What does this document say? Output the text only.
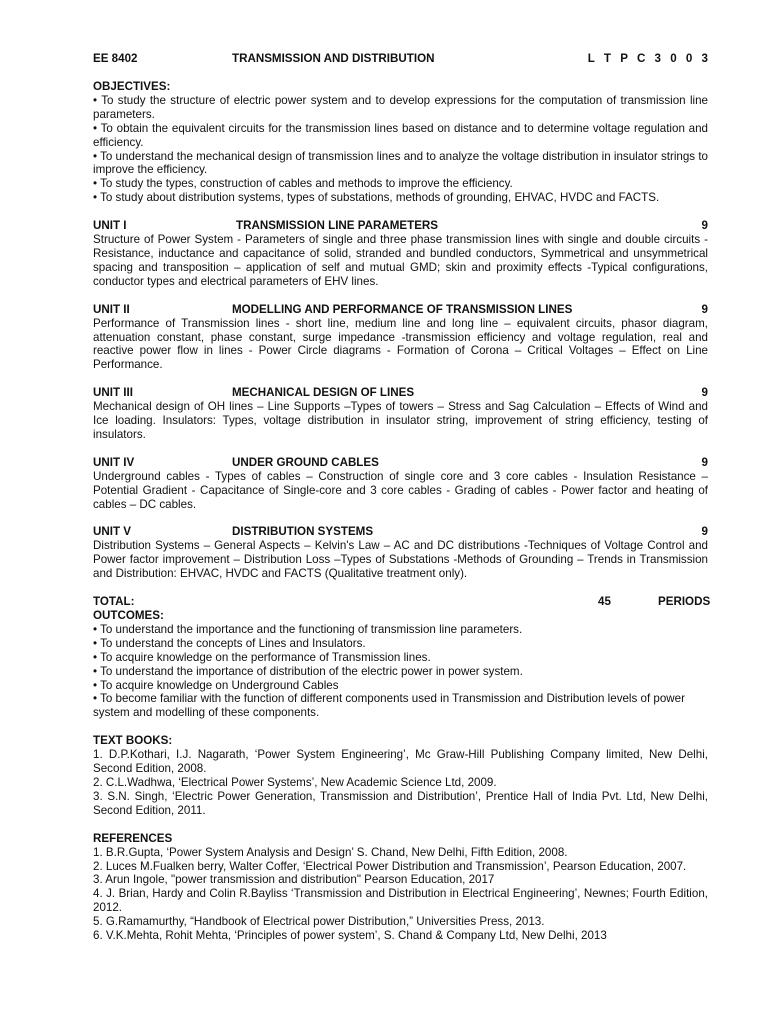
EE 8402	TRANSMISSION AND DISTRIBUTION	L T P C 3 0 0 3
OBJECTIVES:
• To study the structure of electric power system and to develop expressions for the computation of transmission line parameters.
• To obtain the equivalent circuits for the transmission lines based on distance and to determine voltage regulation and efficiency.
• To understand the mechanical design of transmission lines and to analyze the voltage distribution in insulator strings to improve the efficiency.
• To study the types, construction of cables and methods to improve the efficiency.
• To study about distribution systems, types of substations, methods of grounding, EHVAC, HVDC and FACTS.
UNIT I	TRANSMISSION LINE PARAMETERS	9
Structure of Power System - Parameters of single and three phase transmission lines with single and double circuits -Resistance, inductance and capacitance of solid, stranded and bundled conductors, Symmetrical and unsymmetrical spacing and transposition – application of self and mutual GMD; skin and proximity effects -Typical configurations, conductor types and electrical parameters of EHV lines.
UNIT II	MODELLING AND PERFORMANCE OF TRANSMISSION LINES	9
Performance of Transmission lines - short line, medium line and long line – equivalent circuits, phasor diagram, attenuation constant, phase constant, surge impedance -transmission efficiency and voltage regulation, real and reactive power flow in lines - Power Circle diagrams - Formation of Corona – Critical Voltages – Effect on Line Performance.
UNIT III	MECHANICAL DESIGN OF LINES	9
Mechanical design of OH lines – Line Supports –Types of towers – Stress and Sag Calculation – Effects of Wind and Ice loading. Insulators: Types, voltage distribution in insulator string, improvement of string efficiency, testing of insulators.
UNIT IV	UNDER GROUND CABLES	9
Underground cables - Types of cables – Construction of single core and 3 core cables - Insulation Resistance – Potential Gradient - Capacitance of Single-core and 3 core cables - Grading of cables - Power factor and heating of cables – DC cables.
UNIT V	DISTRIBUTION SYSTEMS	9
Distribution Systems – General Aspects – Kelvin's Law – AC and DC distributions -Techniques of Voltage Control and Power factor improvement – Distribution Loss –Types of Substations -Methods of Grounding – Trends in Transmission and Distribution: EHVAC, HVDC and FACTS (Qualitative treatment only).
TOTAL:	45	PERIODS
OUTCOMES:
• To understand the importance and the functioning of transmission line parameters.
• To understand the concepts of Lines and Insulators.
• To acquire knowledge on the performance of Transmission lines.
• To understand the importance of distribution of the electric power in power system.
• To acquire knowledge on Underground Cables
• To become familiar with the function of different components used in Transmission and Distribution levels of power system and modelling of these components.
TEXT BOOKS:
1. D.P.Kothari, I.J. Nagarath, ‘Power System Engineering’, Mc Graw-Hill Publishing Company limited, New Delhi, Second Edition, 2008.
2. C.L.Wadhwa, ‘Electrical Power Systems’, New Academic Science Ltd, 2009.
3. S.N. Singh, ‘Electric Power Generation, Transmission and Distribution’, Prentice Hall of India Pvt. Ltd, New Delhi, Second Edition, 2011.
REFERENCES
1. B.R.Gupta, ‘Power System Analysis and Design’ S. Chand, New Delhi, Fifth Edition, 2008.
2. Luces M.Fualken berry, Walter Coffer, ‘Electrical Power Distribution and Transmission’, Pearson Education, 2007.
3. Arun Ingole, "power transmission and distribution" Pearson Education, 2017
4. J. Brian, Hardy and Colin R.Bayliss ‘Transmission and Distribution in Electrical Engineering’, Newnes; Fourth Edition, 2012.
5. G.Ramamurthy, “Handbook of Electrical power Distribution,” Universities Press, 2013.
6. V.K.Mehta, Rohit Mehta, ‘Principles of power system’, S. Chand & Company Ltd, New Delhi, 2013
